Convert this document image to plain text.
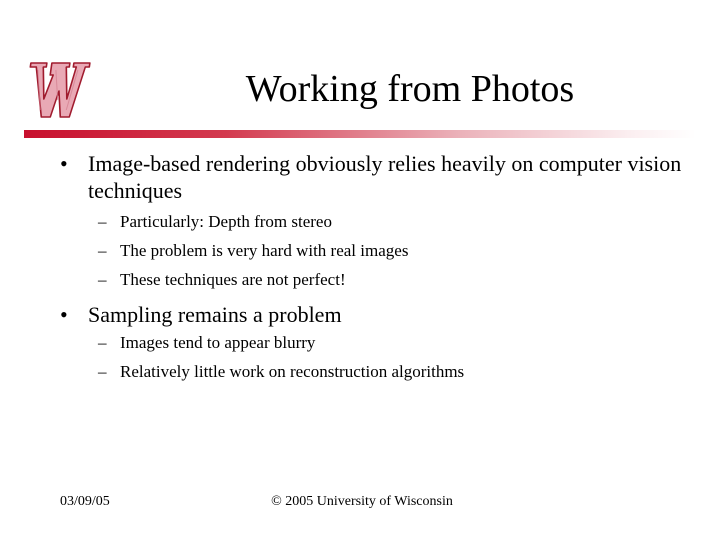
Working from Photos
• Image-based rendering obviously relies heavily on computer vision techniques
– Particularly: Depth from stereo
– The problem is very hard with real images
– These techniques are not perfect!
• Sampling remains a problem
– Images tend to appear blurry
– Relatively little work on reconstruction algorithms
03/09/05	© 2005 University of Wisconsin
